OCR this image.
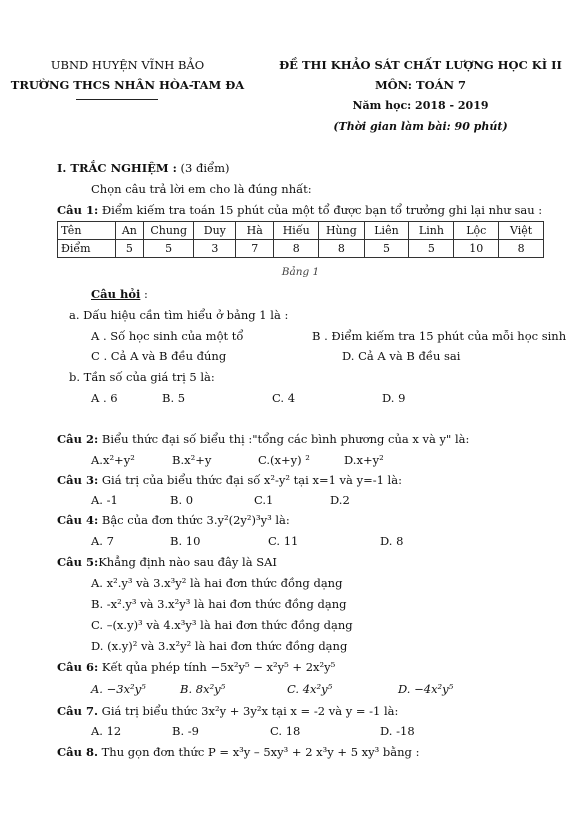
UBND HUYỆN VĨNH BẢO
TRƯỜNG THCS NHÂN HÒA-TAM ĐA
ĐỀ THI KHẢO SÁT CHẤT LƯỢNG HỌC KÌ II
MÔN: TOÁN 7
Năm học: 2018 - 2019
(Thời gian làm bài: 90 phút)
I. TRẮC NGHIỆM : (3 điểm)
Chọn câu trả lời em cho là đúng nhất:
Câu 1: Điểm kiếm tra toán 15 phút của một tổ được bạn tổ trưởng ghi lại như sau :
Tên	An	Chung	Duy	Hà	Hiếu	Hùng	Liên	Linh	Lộc	Việt
Điểm	5	5	3	7	8	8	5	5	10	8
Bảng 1
Câu hỏi :
a. Dấu hiệu cần tìm hiểu ở bảng 1 là :
A . Số học sinh của một tổ	B . Điểm kiếm tra 15 phút của mỗi học sinh
C . Cả A và B đều đúng	D. Cả A và B đều sai
b. Tần số của giá trị 5 là:
A . 6	B. 5	C. 4	D. 9
Câu 2: Biểu thức đại số biểu thị :"tổng các bình phương của x và y" là:
A.x²+y²	B.x²+y	C.(x+y) ²	D.x+y²
Câu 3: Giá trị của biểu thức đại số x²-y² tại x=1 và y=-1 là:
A. -1	B. 0	C.1	D.2
Câu 4: Bậc của đơn thức 3.y²(2y²)³y³ là:
A. 7	B. 10	C. 11	D. 8
Câu 5:Khẳng định nào sau đây là SAI
A. x².y³ và 3.x³y² là hai đơn thức đồng dạng
B. -x².y³ và 3.x²y³ là hai đơn thức đồng dạng
C. –(x.y)³ và 4.x³y³ là hai đơn thức đồng dạng
D. (x.y)² và 3.x²y² là hai đơn thức đồng dạng
Câu 6: Kết qủa phép tính −5x²y⁵ − x²y⁵ + 2x²y⁵
A. −3x²y⁵	B. 8x²y⁵	C. 4x²y⁵	D. −4x²y⁵
Câu 7. Giá trị biểu thức 3x²y + 3y²x tại x = -2 và y = -1 là:
A. 12	B. -9	C. 18	D. -18
Câu 8. Thu gọn đơn thức P = x³y – 5xy³ + 2 x³y + 5 xy³ bằng :
